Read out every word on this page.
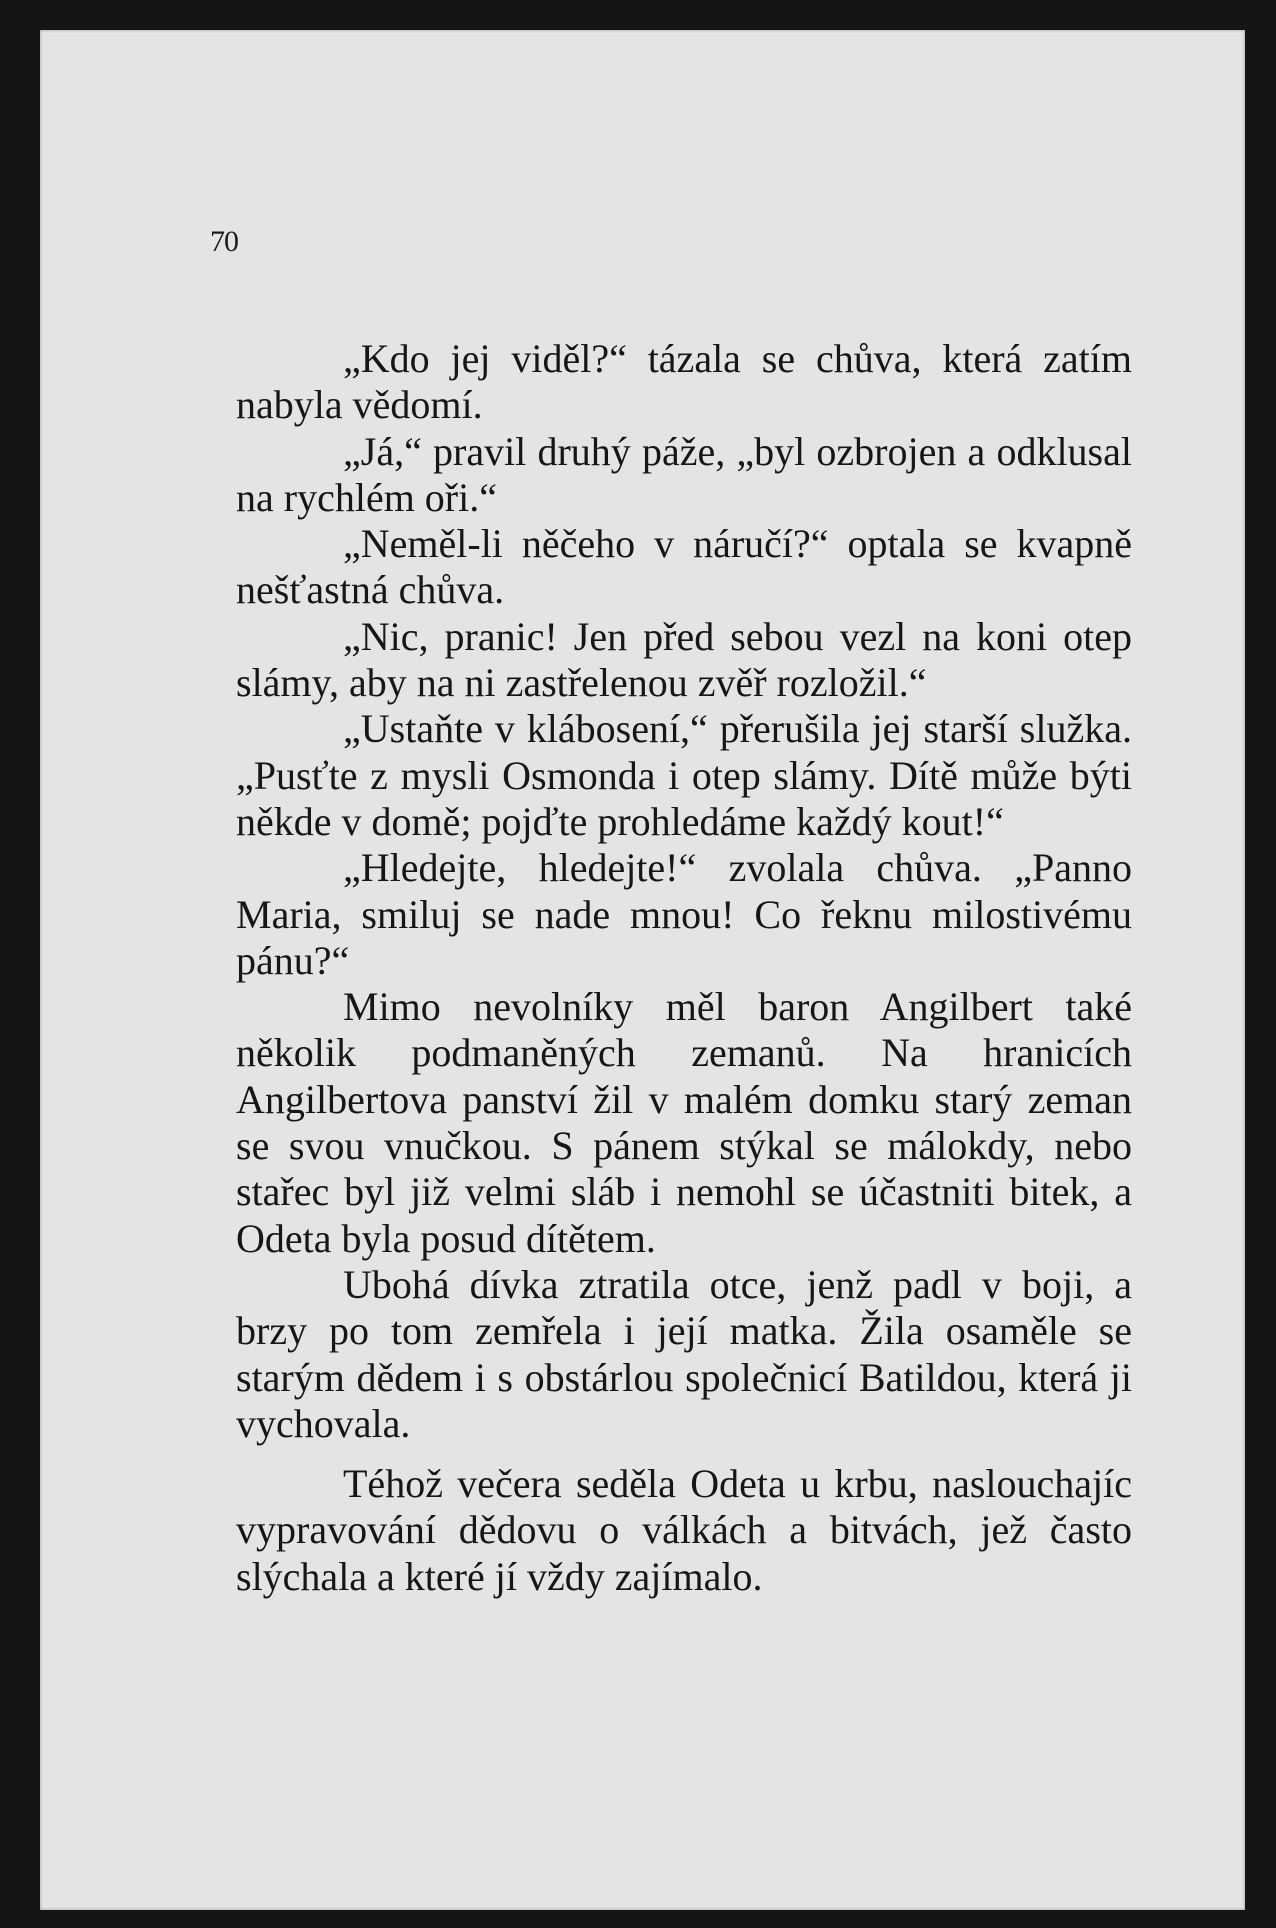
70

„Kdo jej viděl?“ tázala se chůva, která zatím nabyla vědomí.

„Já,“ pravil druhý páže, „byl ozbrojen a odklusal na rychlém oři.“

„Neměl-li něčeho v náručí?“ optala se kvapně nešťastná chůva.

„Nic, pranic! Jen před sebou vezl na koni otep slámy, aby na ni zastřelenou zvěř rozložil.“

„Ustaňte v klábosení,“ přerušila jej starší služka. „Pusťte z mysli Osmonda i otep slámy. Dítě může býti někde v domě; pojďte prohledáme každý kout!“

„Hledejte, hledejte!“ zvolala chůva. „Panno Maria, smiluj se nade mnou! Co řeknu milostivému pánu?“

Mimo nevolníky měl baron Angilbert také několik podmaněných zemanů. Na hranicích Angilbertova panství žil v malém domku starý zeman se svou vnučkou. S pánem stýkal se málokdy, nebo stařec byl již velmi sláb i nemohl se účastniti bitek, a Odeta byla posud dítětem.

Ubohá dívka ztratila otce, jenž padl v boji, a brzy po tom zemřela i její matka. Žila osaměle se starým dědem i s obstárlou společnicí Batildou, která ji vychovala.

Téhož večera seděla Odeta u krbu, naslouchajíc vypravování dědovu o válkách a bitvách, jež často slýchala a které jí vždy zajímalo.
